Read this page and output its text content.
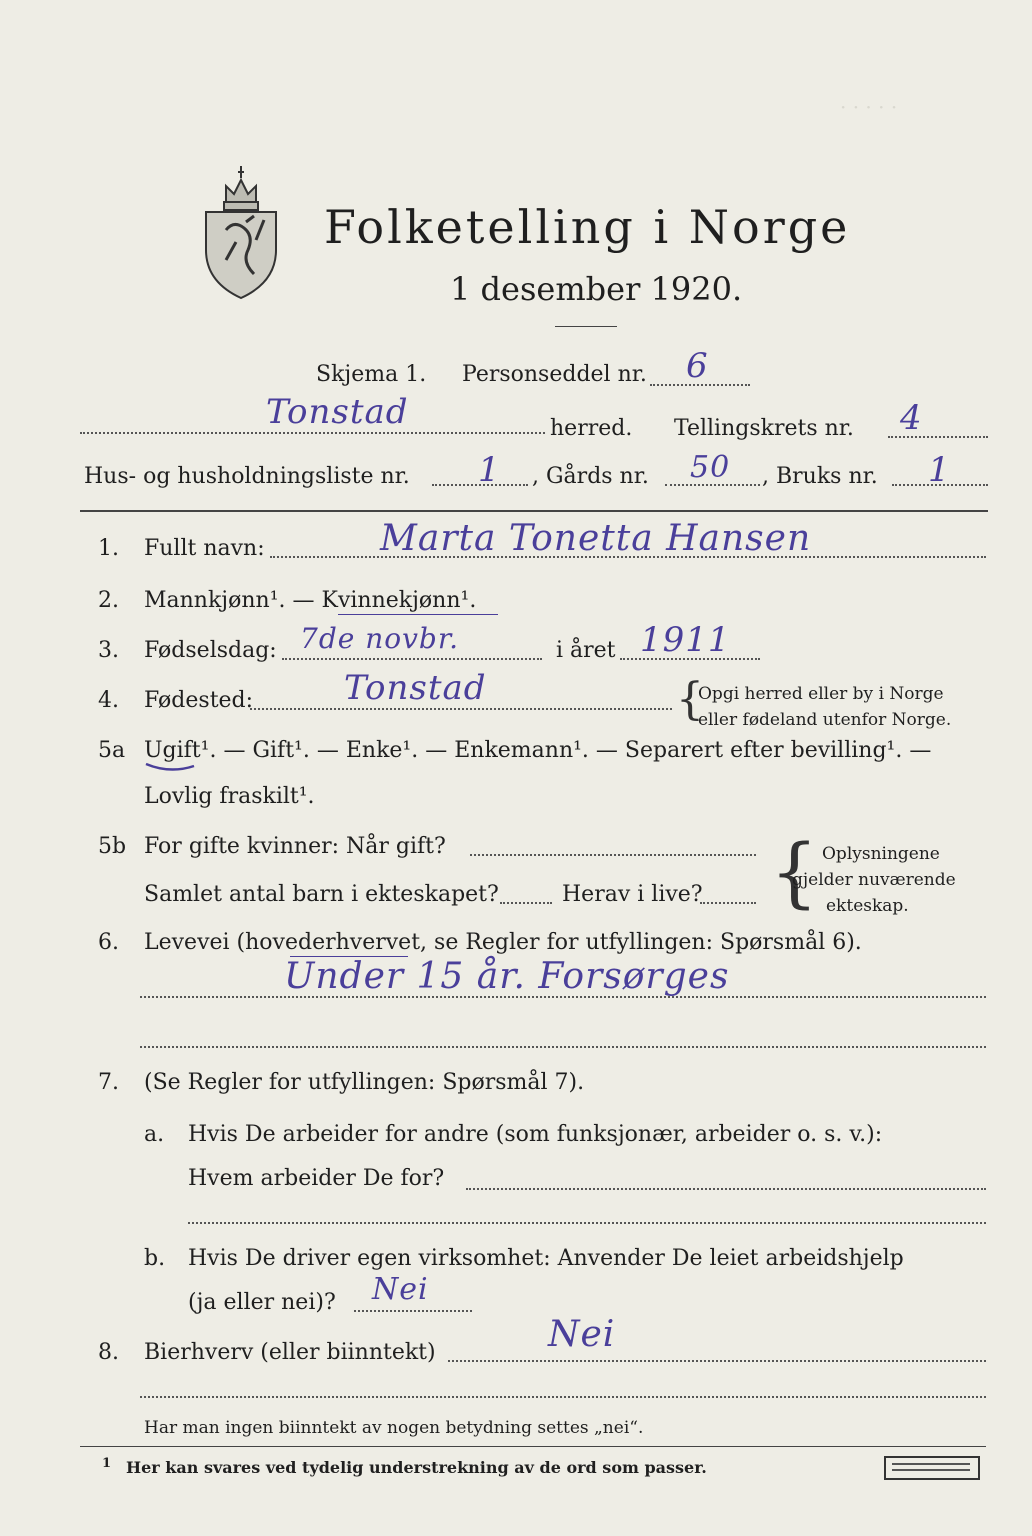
· · · · ·
Folketelling i Norge
1 desember 1920.
Skjema 1. Personseddel nr. 6
Tonstad	herred. Tellingskrets nr. 4
Hus- og husholdningsliste nr. 1 , Gårds nr. 50 , Bruks nr. 1
1. Fullt navn:	Marta Tonetta Hansen
2. Mannkjønn¹. — Kvinnekjønn¹.
3. Fødselsdag: 7de novbr.	i året 1911
4. Fødested:	Tonstad	{
Opgi herred eller by i Norge
eller fødeland utenfor Norge.
5a Ugift¹. — Gift¹. — Enke¹. — Enkemann¹. — Separert efter bevilling¹. —
Lovlig fraskilt¹.
5b For gifte kvinner: Når gift?
Samlet antal barn i ekteskapet?	Herav i live? { Oplysningene
gjelder nuværende
ekteskap.
6. Levevei (hovederhvervet, se Regler for utfyllingen: Spørsmål 6).
Under 15 år. Forsørges
7. (Se Regler for utfyllingen: Spørsmål 7).
a. Hvis De arbeider for andre (som funksjonær, arbeider o. s. v.):
Hvem arbeider De for?
b. Hvis De driver egen virksomhet: Anvender De leiet arbeidshjelp
(ja eller nei)? Nei
8. Bierhverv (eller biinntekt)	Nei
Har man ingen biinntekt av nogen betydning settes „nei“.
1 Her kan svares ved tydelig understrekning av de ord som passer.
